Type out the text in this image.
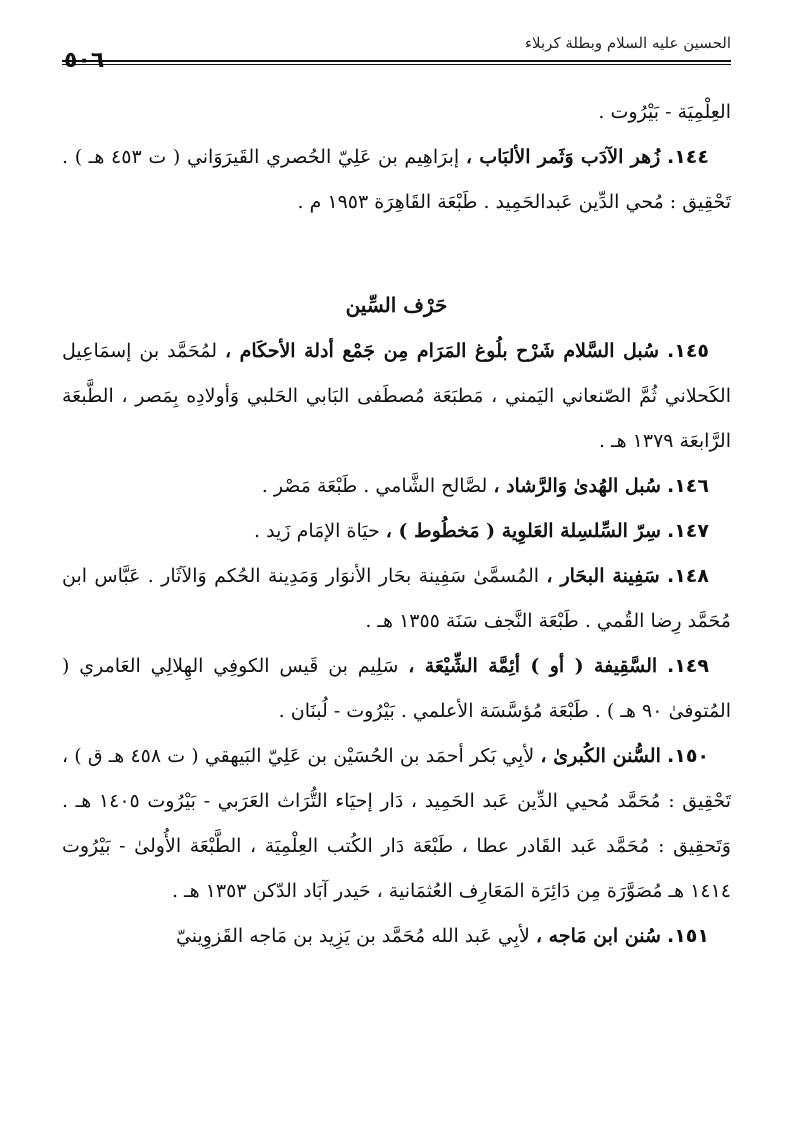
الحسين عليه السلام وبطلة كربلاء
٥٠٦

العِلْمِيَة - بَيْرُوت .

١٤٤. زُهر الآدَب وَثَمر الألبَاب ، إبرَاهِيم بن عَلِيّ الحُصري القَيرَوَاني ( ت ٤٥٣ هـ ) . تَحْقِيق : مُحي الدِّين عَبدالحَمِيد . طَبْعَة القَاهِرَة ١٩٥٣ م .

حَرْف السِّين

١٤٥. سُبل السَّلام شَرْح بلُوغ المَرَام مِن جَمْع أدلة الأحكَام ، لمُحَمَّد بن إسمَاعِيل الكَحلاني ثُمَّ الصّنعاني اليَمني ، مَطبَعَة مُصطَفى البَابي الحَلبي وَأولادِه بِمَصر ، الطَّبعَة الرَّابعَة ١٣٧٩ هـ .

١٤٦. سُبل الهُدىٰ وَالرَّشاد ، لصَّالح الشَّامي . طَبْعَة مَصْر .

١٤٧. سِرّ السِّلسِلة العَلوِية ( مَخطُوط ) ، حيَاة الإمَام زَيد .

١٤٨. سَفِينة البحَار ، المُسمَّىٰ سَفِينة بحَار الأنوَار وَمَدِينة الحُكم وَالآثَار . عَبَّاس ابن مُحَمَّد رِضا القُمي . طَبْعَة النَّجف سَنَة ١٣٥٥ هـ .

١٤٩. السَّقِيفة ( أو ) أئِمَّة الشِّيْعَة ، سَلِيم بن قَيس الكوفِي الهِلالِي العَامري ( المُتوفىٰ ٩٠ هـ ) . طَبْعَة مُؤسَّسَة الأعلمي . بَيْرُوت - لُبنَان .

١٥٠. السُّنن الكُبرىٰ ، لأبِي بَكر أحمَد بن الحُسَيْن بن عَلِيّ البَيهقي ( ت ٤٥٨ هـ ق ) ، تَحْقِيق : مُحَمَّد مُحيي الدِّين عَبد الحَمِيد ، دَار إحيَاء التُّرَاث العَرَبي - بَيْرُوت ١٤٠٥ هـ . وَتَحقِيق : مُحَمَّد عَبد القَادر عطا ، طَبْعَة دَار الكُتب العِلْمِيَة ، الطَّبْعَة الأُولىٰ - بَيْرُوت ١٤١٤ هـ مُصَوَّرَة مِن دَائِرَة المَعَارِف العُثمَانية ، حَيدر آبَاد الدّكن ١٣٥٣ هـ .

١٥١. سُنن ابن مَاجه ، لأبِي عَبد الله مُحَمَّد بن يَزِيد بن مَاجه القَزوِينيّ
